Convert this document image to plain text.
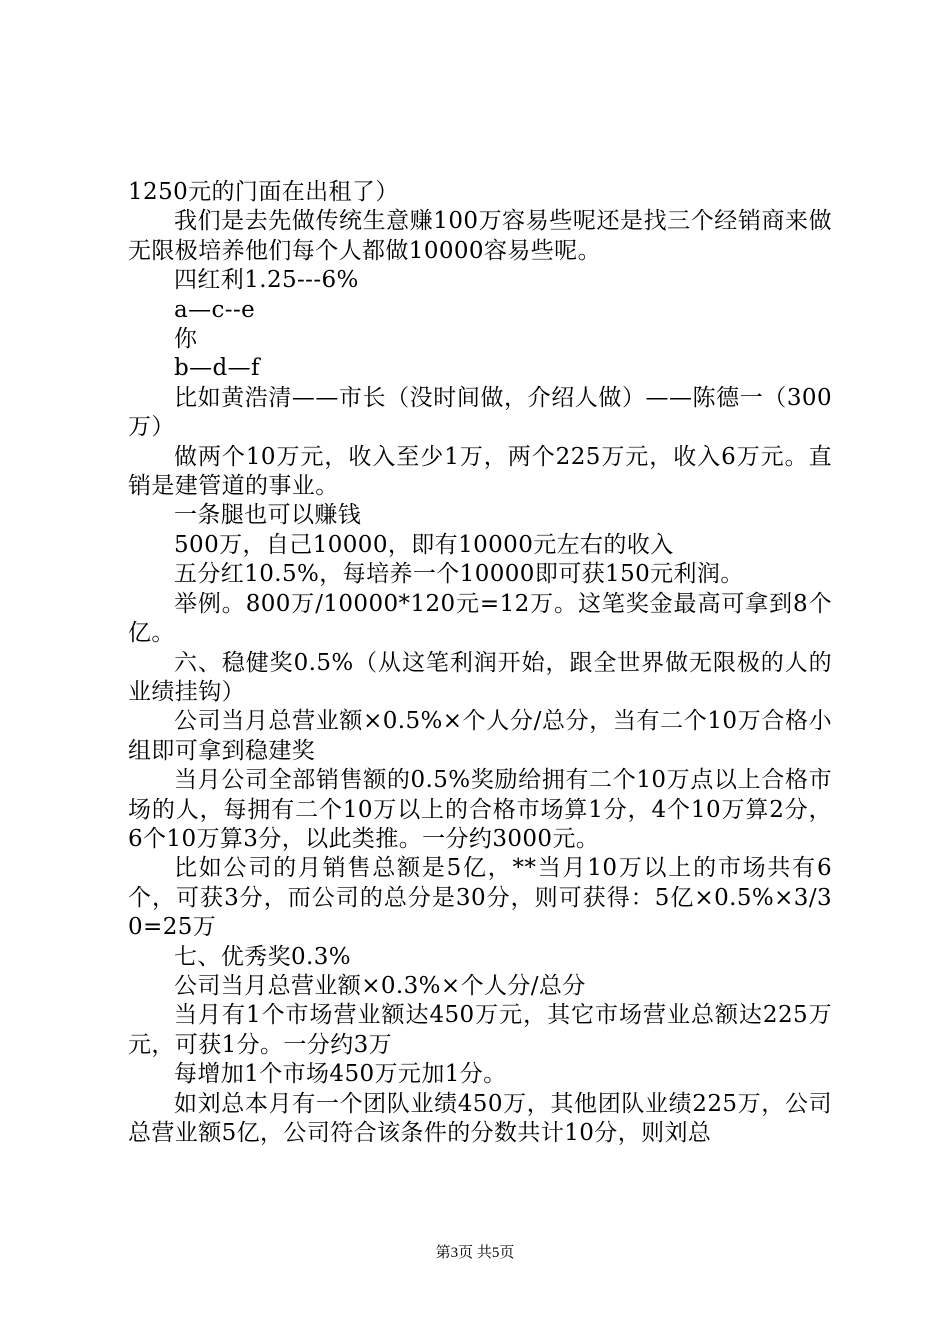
1250元的门面在出租了）

我们是去先做传统生意赚100万容易些呢还是找三个经销商来做无限极培养他们每个人都做10000容易些呢。

四红利1.25---6%

a—c--e

你

b—d—f

比如黄浩清——市长（没时间做，介绍人做）——陈德一（300万）

做两个10万元，收入至少1万，两个225万元，收入6万元。直销是建管道的事业。

一条腿也可以赚钱

500万，自己10000，即有10000元左右的收入

五分红10.5%，每培养一个10000即可获150元利润。

举例。800万/10000*120元=12万。这笔奖金最高可拿到8个亿。

六、稳健奖0.5%（从这笔利润开始，跟全世界做无限极的人的业绩挂钩）

公司当月总营业额×0.5%×个人分/总分，当有二个10万合格小组即可拿到稳建奖

当月公司全部销售额的0.5%奖励给拥有二个10万点以上合格市场的人，每拥有二个10万以上的合格市场算1分，4个10万算2分，6个10万算3分，以此类推。一分约3000元。

比如公司的月销售总额是5亿，**当月10万以上的市场共有6个，可获3分，而公司的总分是30分，则可获得：5亿×0.5%×3/30=25万

七、优秀奖0.3%

公司当月总营业额×0.3%×个人分/总分

当月有1个市场营业额达450万元，其它市场营业总额达225万元，可获1分。一分约3万

每增加1个市场450万元加1分。

如刘总本月有一个团队业绩450万，其他团队业绩225万，公司总营业额5亿，公司符合该条件的分数共计10分，则刘总

第3页 共5页
